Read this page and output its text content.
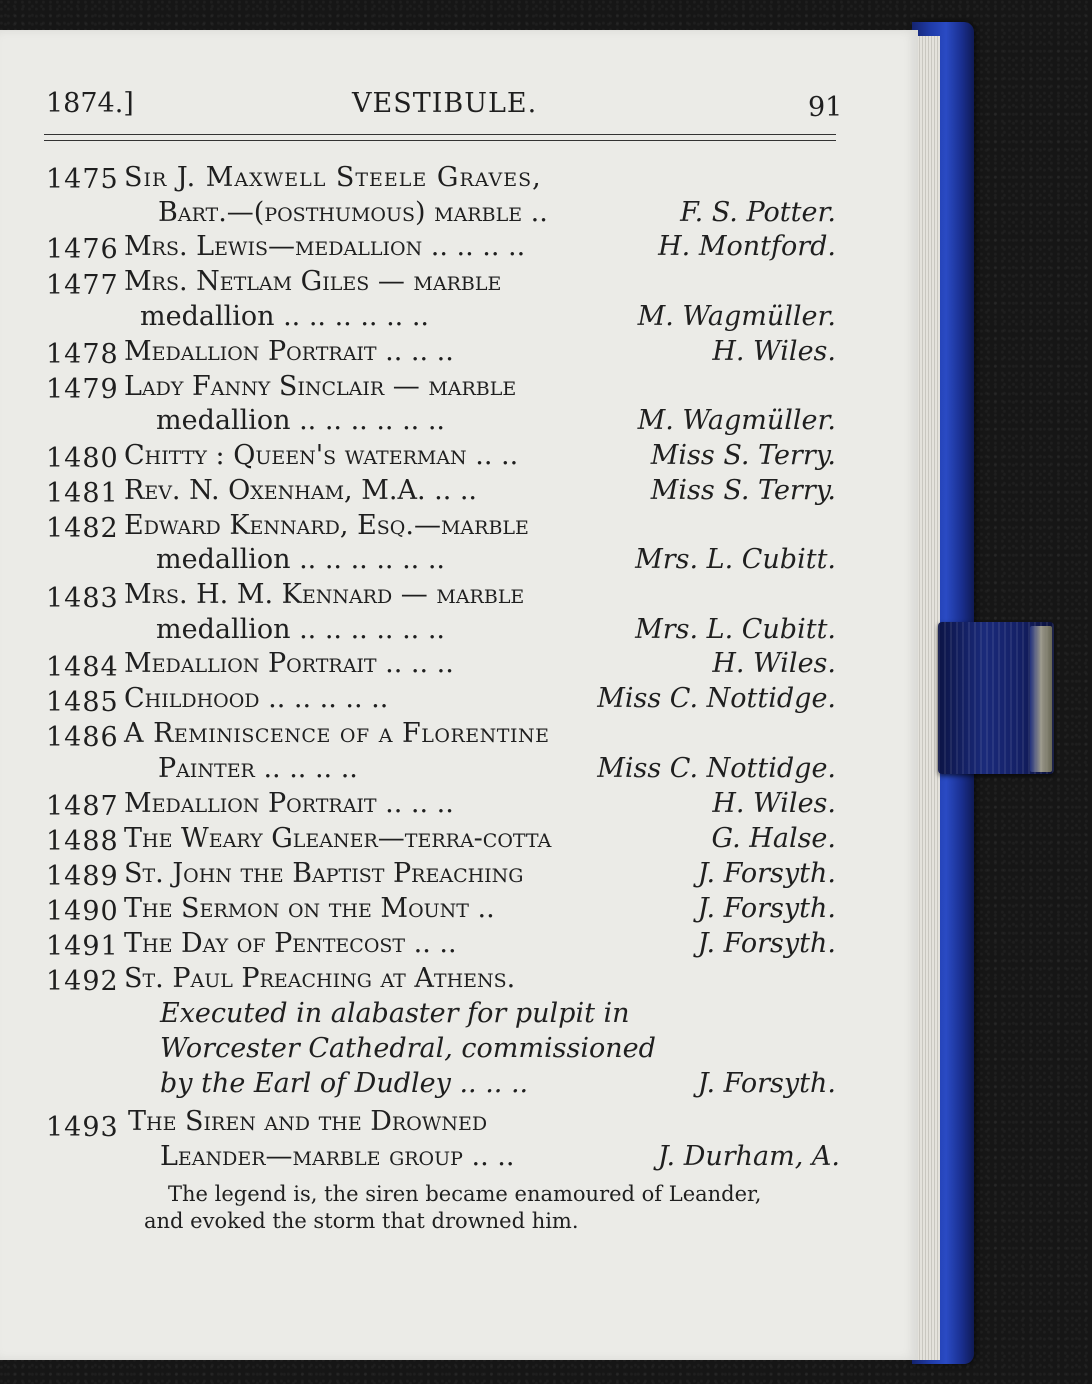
1874.]	VESTIBULE.	91
1475 Sir J. Maxwell Steele Graves,
Bart.—(posthumous) marble ..	F. S. Potter.
1476 Mrs. Lewis—medallion .. .. .. ..	H. Montford.
1477 Mrs. Netlam Giles — marble
medallion .. .. .. .. .. ..	M. Wagmüller.
1478 Medallion Portrait .. .. ..	H. Wiles.
1479 Lady Fanny Sinclair — marble
medallion .. .. .. .. .. ..	M. Wagmüller.
1480 Chitty : Queen's waterman .. ..	Miss S. Terry.
1481 Rev. N. Oxenham, M.A. .. ..	Miss S. Terry.
1482 Edward Kennard, Esq.—marble
medallion .. .. .. .. .. ..	Mrs. L. Cubitt.
1483 Mrs. H. M. Kennard — marble
medallion .. .. .. .. .. ..	Mrs. L. Cubitt.
1484 Medallion Portrait .. .. ..	H. Wiles.
1485 Childhood .. .. .. .. ..	Miss C. Nottidge.
1486 A Reminiscence of a Florentine
Painter .. .. .. ..	Miss C. Nottidge.
1487 Medallion Portrait .. .. ..	H. Wiles.
1488 The Weary Gleaner—terra-cotta	G. Halse.
1489 St. John the Baptist Preaching	J. Forsyth.
1490 The Sermon on the Mount ..	J. Forsyth.
1491 The Day of Pentecost .. ..	J. Forsyth.
1492 St. Paul Preaching at Athens.
Executed in alabaster for pulpit in
Worcester Cathedral, commissioned
by the Earl of Dudley .. .. ..	J. Forsyth.
1493 The Siren and the Drowned
Leander—marble group .. ..	J. Durham, A.
The legend is, the siren became enamoured of Leander,
and evoked the storm that drowned him.
